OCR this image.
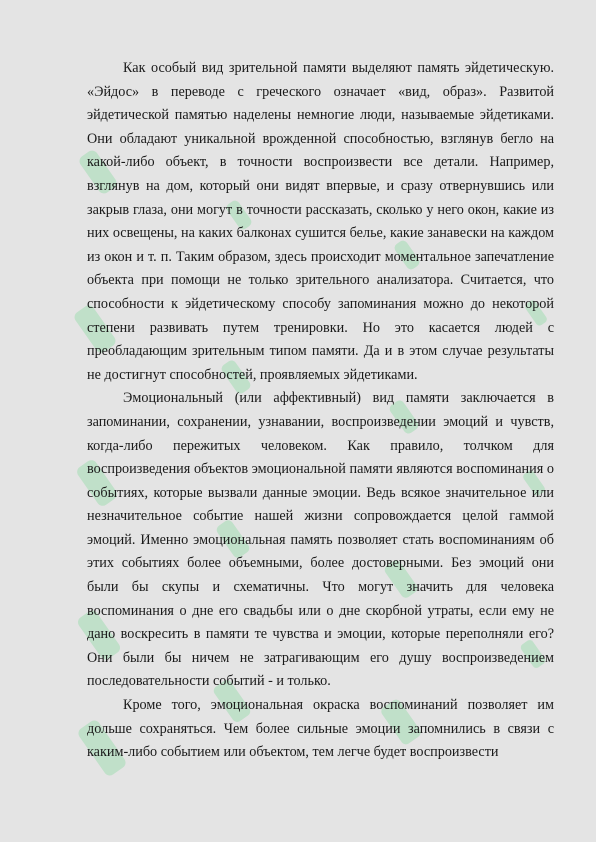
Как особый вид зрительной памяти выделяют память эйдетическую. «Эйдос» в переводе с греческого означает «вид, образ». Развитой эйдетической памятью наделены немногие люди, называемые эйдетиками. Они обладают уникальной врожденной способностью, взглянув бегло на какой-либо объект, в точности воспроизвести все детали. Например, взглянув на дом, который они видят впервые, и сразу отвернувшись или закрыв глаза, они могут в точности рассказать, сколько у него окон, какие из них освещены, на каких балконах сушится белье, какие занавески на каждом из окон и т. п. Таким образом, здесь происходит моментальное запечатление объекта при помощи не только зрительного анализатора. Считается, что способности к эйдетическому способу запоминания можно до некоторой степени развивать путем тренировки. Но это касается людей с преобладающим зрительным типом памяти. Да и в этом случае результаты не достигнут способностей, проявляемых эйдетиками.

Эмоциональный (или аффективный) вид памяти заключается в запоминании, сохранении, узнавании, воспроизведении эмоций и чувств, когда-либо пережитых человеком. Как правило, толчком для воспроизведения объектов эмоциональной памяти являются воспоминания о событиях, которые вызвали данные эмоции. Ведь всякое значительное или незначительное событие нашей жизни сопровождается целой гаммой эмоций. Именно эмоциональная память позволяет стать воспоминаниям об этих событиях более объемными, более достоверными. Без эмоций они были бы скупы и схематичны. Что могут значить для человека воспоминания о дне его свадьбы или о дне скорбной утраты, если ему не дано воскресить в памяти те чувства и эмоции, которые переполняли его? Они были бы ничем не затрагивающим его душу воспроизведением последовательности событий - и только.

Кроме того, эмоциональная окраска воспоминаний позволяет им дольше сохраняться. Чем более сильные эмоции запомнились в связи с каким-либо событием или объектом, тем легче будет воспроизвести
